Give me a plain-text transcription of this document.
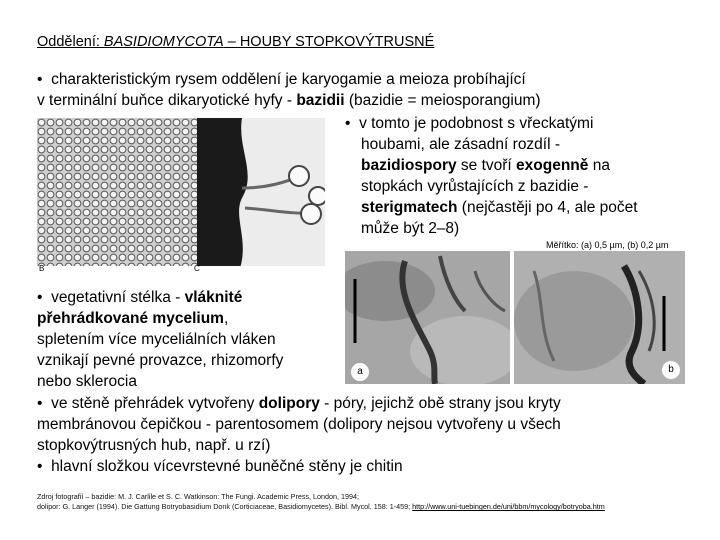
Oddělení: BASIDIOMYCOTA – HOUBY STOPKOVÝTRUSNÉ
• charakteristickým rysem oddělení je karyogamie a meioza probíhající
v terminální buňce dikaryotické hyfy - bazidii (bazidie = meiosporangium)
B	C
• v tomto je podobnost s vřeckatými
houbami, ale zásadní rozdíl -
bazidiospory se tvoří exogenně na
stopkách vyrůstajících z bazidie -
sterigmatech (nejčastěji po 4, ale počet
může být 2–8)
Měřítko: (a) 0,5 µm, (b) 0,2 µm
a	b
• vegetativní stélka - vláknité
přehrádkované mycelium,
spletením více myceliálních vláken
vznikají pevné provazce, rhizomorfy
nebo sklerocia
• ve stěně přehrádek vytvořeny dolipory - póry, jejichž obě strany jsou kryty
membránovou čepičkou - parentosomem (dolipory nejsou vytvořeny u všech
stopkovýtrusných hub, např. u rzí)
• hlavní složkou vícevrstevné buněčné stěny je chitin
Zdroj fotografií – bazidie: M. J. Carlile et S. C. Watkinson: The Fungi. Academic Press, London, 1994;
dolipor: G. Langer (1994). Die Gattung Botryobasidium Donk (Corticiaceae, Basidiomycetes). Bibl. Mycol. 158: 1-459; http://www.uni-tuebingen.de/uni/bbm/mycology/botryoba.htm
